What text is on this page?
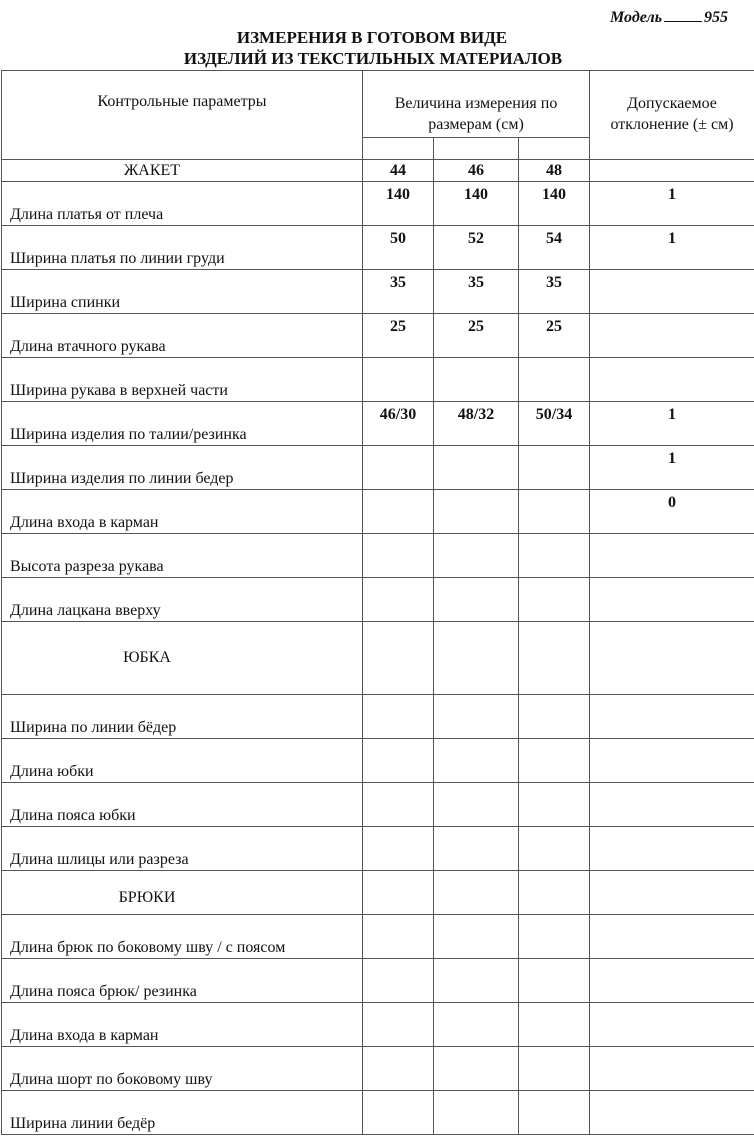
Модель	955
ИЗМЕРЕНИЯ В ГОТОВОМ ВИДЕ
ИЗДЕЛИЙ ИЗ ТЕКСТИЛЬНЫХ МАТЕРИАЛОВ
Контрольные параметры	Величина измерения по размерам (см)			Допускаемое отклонение (± см)

ЖАКЕТ	44	46	48	
Длина платья от плеча	140	140	140	1
Ширина платья по линии груди	50	52	54	1
Ширина спинки	35	35	35	
Длина втачного рукава	25	25	25	
Ширина рукава в верхней части				
Ширина изделия по талии/резинка	46/30	48/32	50/34	1
Ширина изделия по линии бедер				1
Длина входа в карман				0
Высота разреза рукава				
Длина лацкана вверху				
ЮБКА				
Ширина по линии бёдер				
Длина юбки				
Длина пояса юбки				
Длина шлицы или разреза				
БРЮКИ				
Длина брюк по боковому шву / с поясом				
Длина пояса брюк/ резинка				
Длина входа в карман				
Длина шорт по боковому шву				
Ширина линии бедёр				
